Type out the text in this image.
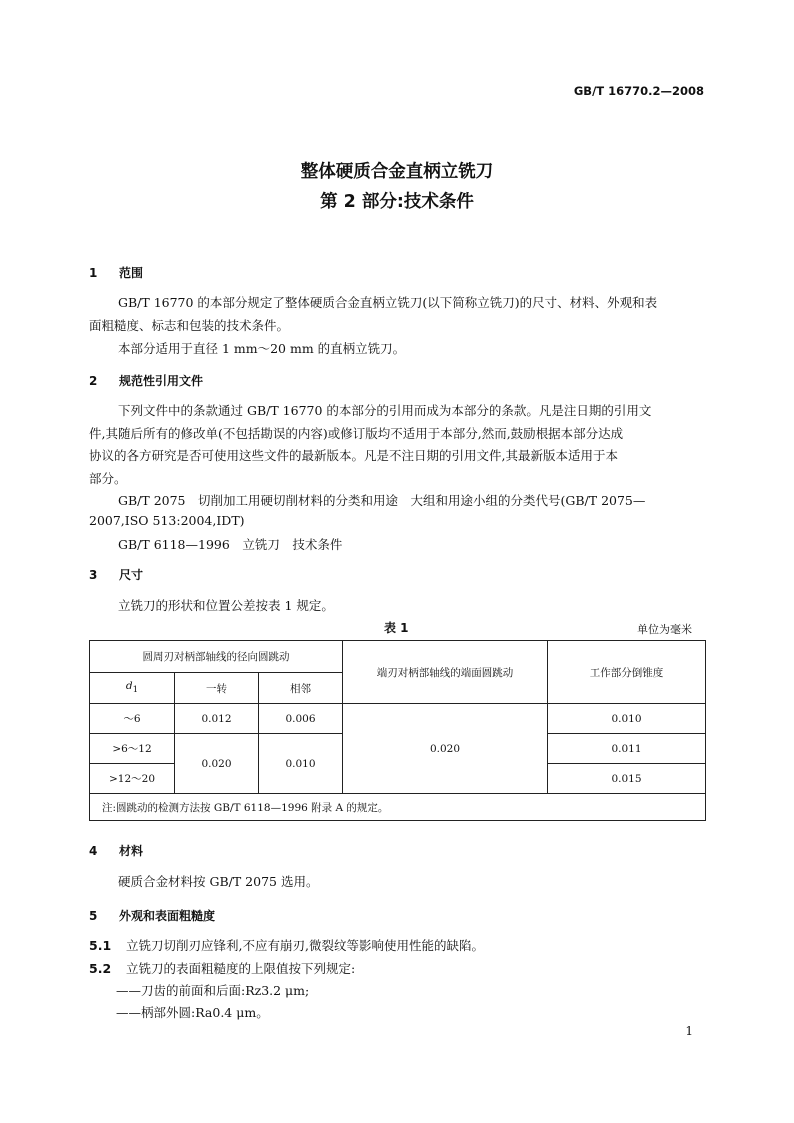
GB/T 16770.2—2008
整体硬质合金直柄立铣刀
第 2 部分:技术条件
1 范围
GB/T 16770 的本部分规定了整体硬质合金直柄立铣刀(以下简称立铣刀)的尺寸、材料、外观和表
面粗糙度、标志和包装的技术条件。
本部分适用于直径 1 mm～20 mm 的直柄立铣刀。
2 规范性引用文件
下列文件中的条款通过 GB/T 16770 的本部分的引用而成为本部分的条款。凡是注日期的引用文
件,其随后所有的修改单(不包括勘误的内容)或修订版均不适用于本部分,然而,鼓励根据本部分达成
协议的各方研究是否可使用这些文件的最新版本。凡是不注日期的引用文件,其最新版本适用于本
部分。
GB/T 2075　切削加工用硬切削材料的分类和用途　大组和用途小组的分类代号(GB/T 2075—
2007,ISO 513:2004,IDT)
GB/T 6118—1996　立铣刀　技术条件
3 尺寸
立铣刀的形状和位置公差按表 1 规定。
表 1	单位为毫米
圆周刃对柄部轴线的径向圆跳动			端刃对柄部轴线的端面圆跳动	工作部分倒锥度
$d_1$	一转	相邻		
～6	0.012	0.006	0.020	0.010
>6～12	0.020	0.010		0.011
>12～20				0.015
注:圆跳动的检测方法按 GB/T 6118—1996 附录 A 的规定。				
4 材料
硬质合金材料按 GB/T 2075 选用。
5 外观和表面粗糙度
5.1 立铣刀切削刃应锋利,不应有崩刃,微裂纹等影响使用性能的缺陷。
5.2 立铣刀的表面粗糙度的上限值按下列规定:
——刀齿的前面和后面:Rz3.2 μm;
——柄部外圆:Ra0.4 μm。
1
